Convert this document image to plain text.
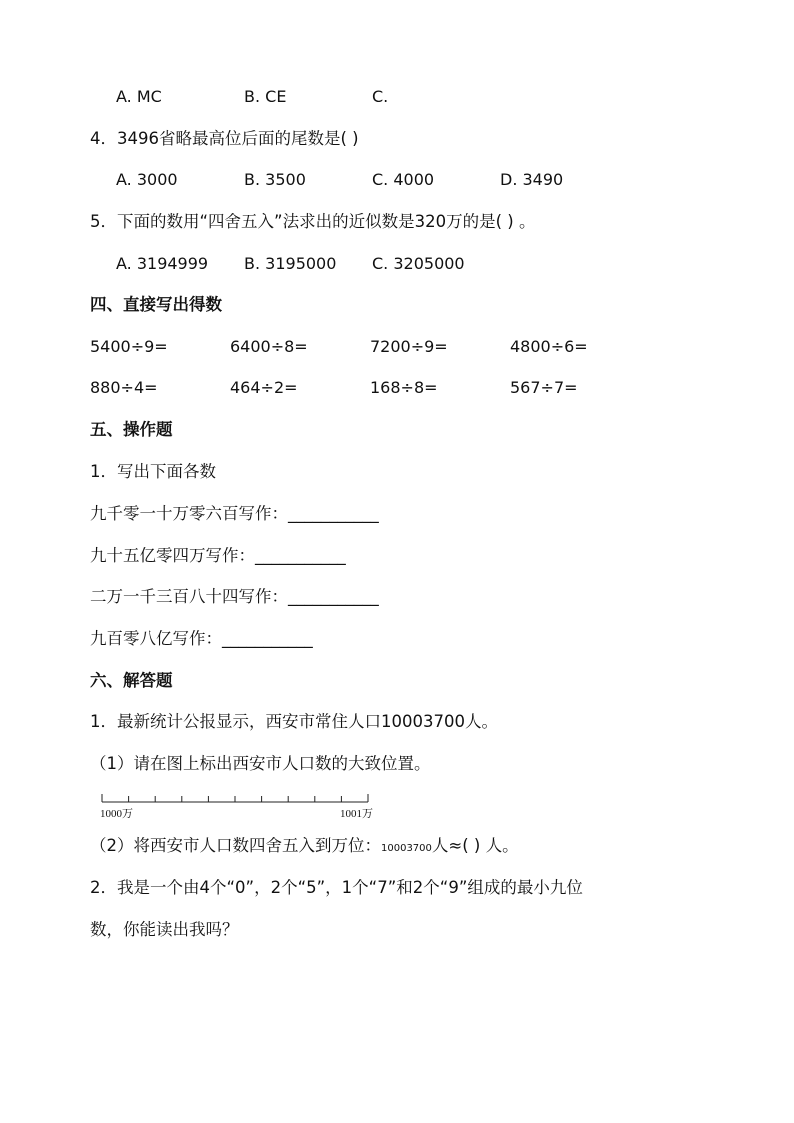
A. MC	B. CE	C.
4．3496省略最高位后面的尾数是( )
A. 3000	B. 3500	C. 4000	D. 3490
5．下面的数用“四舍五入”法求出的近似数是320万的是( ) 。
A. 3194999 B. 3195000 C. 3205000
四、直接写出得数
5400÷9=	6400÷8=	7200÷9=	4800÷6=
880÷4=	464÷2=	168÷8=	567÷7=
五、操作题
1．写出下面各数
九千零一十万零六百写作：___________
九十五亿零四万写作：___________
二万一千三百八十四写作：___________
九百零八亿写作：___________
六、解答题
1．最新统计公报显示，西安市常住人口10003700人。
（1）请在图上标出西安市人口数的大致位置。
1000万	1001万
（2）将西安市人口数四舍五入到万位：10003700人≈( ) 人。
2．我是一个由4个“0”，2个“5”，1个“7”和2个“9”组成的最小九位
数，你能读出我吗？
